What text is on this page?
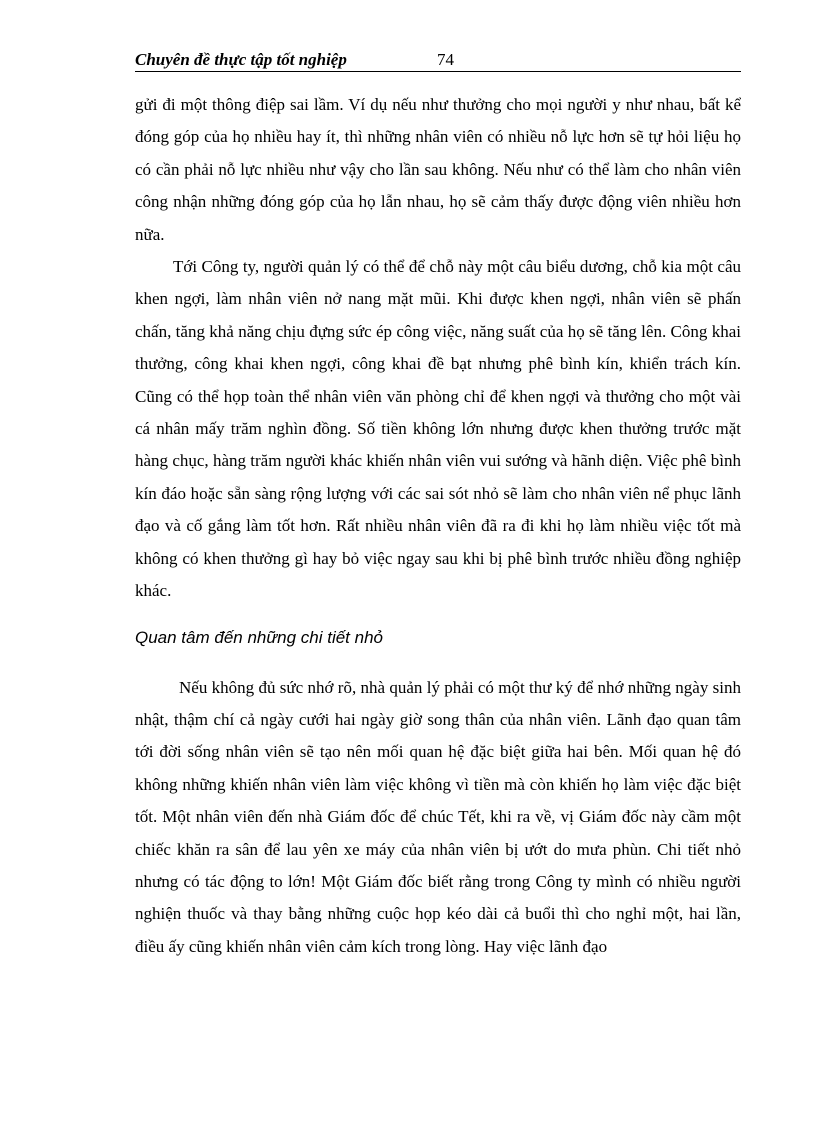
Chuyên đề thực tập tốt nghiệp	74

gửi đi một thông điệp sai lầm. Ví dụ nếu như thưởng cho mọi người y như nhau, bất kể đóng góp của họ nhiều hay ít, thì những nhân viên có nhiều nỗ lực hơn sẽ tự hỏi liệu họ có cần phải nỗ lực nhiều như vậy cho lần sau không. Nếu như có thể làm cho nhân viên công nhận những đóng góp của họ lẫn nhau, họ sẽ cảm thấy được động viên nhiều hơn nữa.

Tới Công ty, người quản lý có thể để chỗ này một câu biểu dương, chỗ kia một câu khen ngợi, làm nhân viên nở nang mặt mũi. Khi được khen ngợi, nhân viên sẽ phấn chấn, tăng khả năng chịu đựng sức ép công việc, năng suất của họ sẽ tăng lên. Công khai thưởng, công khai khen ngợi, công khai đề bạt nhưng phê bình kín, khiển trách kín. Cũng có thể họp toàn thể nhân viên văn phòng chỉ để khen ngợi và thưởng cho một vài cá nhân mấy trăm nghìn đồng. Số tiền không lớn nhưng được khen thưởng trước mặt hàng chục, hàng trăm người khác khiến nhân viên vui sướng và hãnh diện. Việc phê bình kín đáo hoặc sẵn sàng rộng lượng với các sai sót nhỏ sẽ làm cho nhân viên nể phục lãnh đạo và cố gắng làm tốt hơn. Rất nhiều nhân viên đã ra đi khi họ làm nhiều việc tốt mà không có khen thưởng gì hay bỏ việc ngay sau khi bị phê bình trước nhiều đồng nghiệp khác.

Quan tâm đến những chi tiết nhỏ

Nếu không đủ sức nhớ rõ, nhà quản lý phải có một thư ký để nhớ những ngày sinh nhật, thậm chí cả ngày cưới hai ngày giờ song thân của nhân viên. Lãnh đạo quan tâm tới đời sống nhân viên sẽ tạo nên mối quan hệ đặc biệt giữa hai bên. Mối quan hệ đó không những khiến nhân viên làm việc không vì tiền mà còn khiến họ làm việc đặc biệt tốt. Một nhân viên đến nhà Giám đốc để chúc Tết, khi ra về, vị Giám đốc này cầm một chiếc khăn ra sân để lau yên xe máy của nhân viên bị ướt do mưa phùn. Chi tiết nhỏ nhưng có tác động to lớn! Một Giám đốc biết rằng trong Công ty mình có nhiều người nghiện thuốc và thay bằng những cuộc họp kéo dài cả buổi thì cho nghỉ một, hai lần, điều ấy cũng khiến nhân viên cảm kích trong lòng. Hay việc lãnh đạo
